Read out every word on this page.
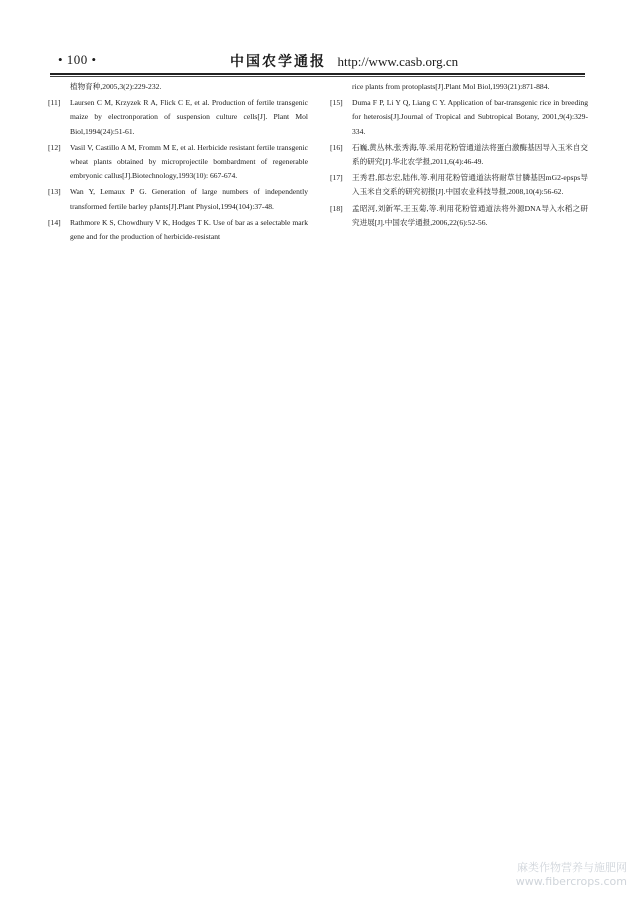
• 100 •	中国农学通报 http://www.casb.org.cn
植物育种,2005,3(2):229-232.
[11] Laursen C M, Krzyzek R A, Flick C E, et al. Production of fertile transgenic maize by electronporation of suspension culture cells[J]. Plant Mol Biol,1994(24):51-61.
[12] Vasil V, Castillo A M, Fromm M E, et al. Herbicide resistant fertile transgenic wheat plants obtained by microprojectile bombardment of regenerable embryonic callus[J].Biotechnology,1993(10): 667-674.
[13] Wan Y, Lemaux P G. Generation of large numbers of independently transformed fertile barley pJants[J].Plant Physiol,1994(104):37-48.
[14] Rathmore K S, Chowdhury V K, Hodges T K. Use of bar as a selectable mark gene and for the production of herbicide-resistant
rice plants from protoplasts[J].Plant Mol Biol,1993(21):871-884.
[15] Duma F P, Li Y Q, Liang C Y. Application of bar-transgenic rice in breeding for heterosis[J].Journal of Tropical and Subtropical Botany, 2001,9(4):329-334.
[16] 石巍,黄丛林,张秀海,等.采用花粉管通道法将蛋白激酶基因导入玉米自交系的研究[J].华北农学报,2011,6(4):46-49.
[17] 王秀君,郎志宏,陆伟,等.利用花粉管通道法将耐草甘膦基因mG2-epsps导入玉米自交系的研究初报[J].中国农业科技导报,2008,10(4):56-62.
[18] 孟昭河,刘新军,王玉菊,等.利用花粉管通道法将外源DNA导入水稻之研究进展[J].中国农学通报,2006,22(6):52-56.
麻类作物营养与施肥网
www.fibercrops.com
